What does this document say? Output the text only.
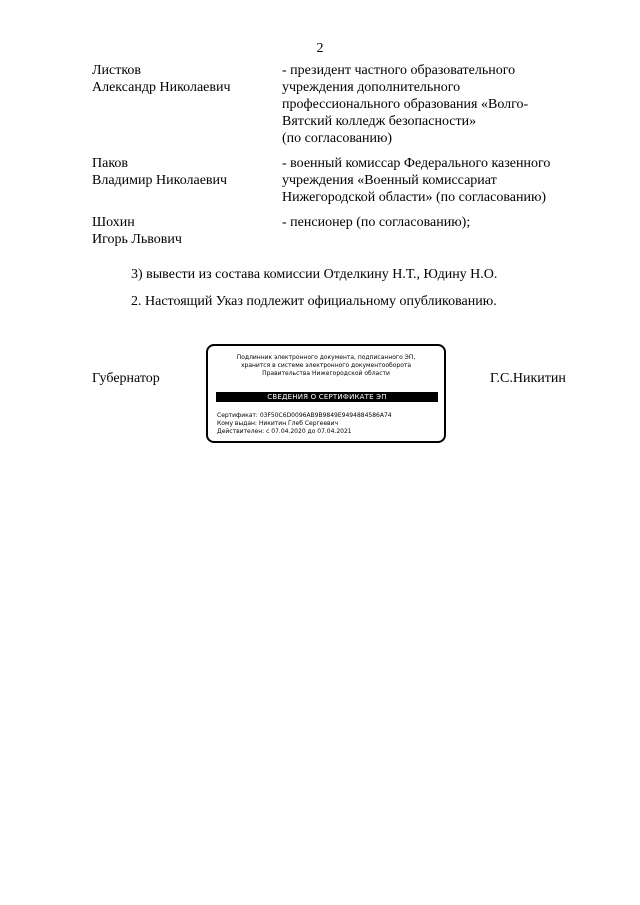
2
Листков
Александр Николаевич
- президент частного образовательного
учреждения дополнительного
профессионального образования «Волго-
Вятский колледж безопасности»
(по согласованию)
Паков
Владимир Николаевич
- военный комиссар Федерального казенного
учреждения «Военный комиссариат
Нижегородской области» (по согласованию)
Шохин
Игорь Львович
- пенсионер (по согласованию);
3) вывести из состава комиссии Отделкину Н.Т., Юдину Н.О.
2. Настоящий Указ подлежит официальному опубликованию.
Губернатор
Подлинник электронного документа, подписанного ЭП,
хранится в системе электронного документооборота
Правительства Нижегородской области
СВЕДЕНИЯ О СЕРТИФИКАТЕ ЭП
Сертификат: 03F50C6D0096AB9B9849E9494884586A74
Кому выдан: Никитин Глеб Сергеевич
Действителен: с 07.04.2020 до 07.04.2021
Г.С.Никитин
